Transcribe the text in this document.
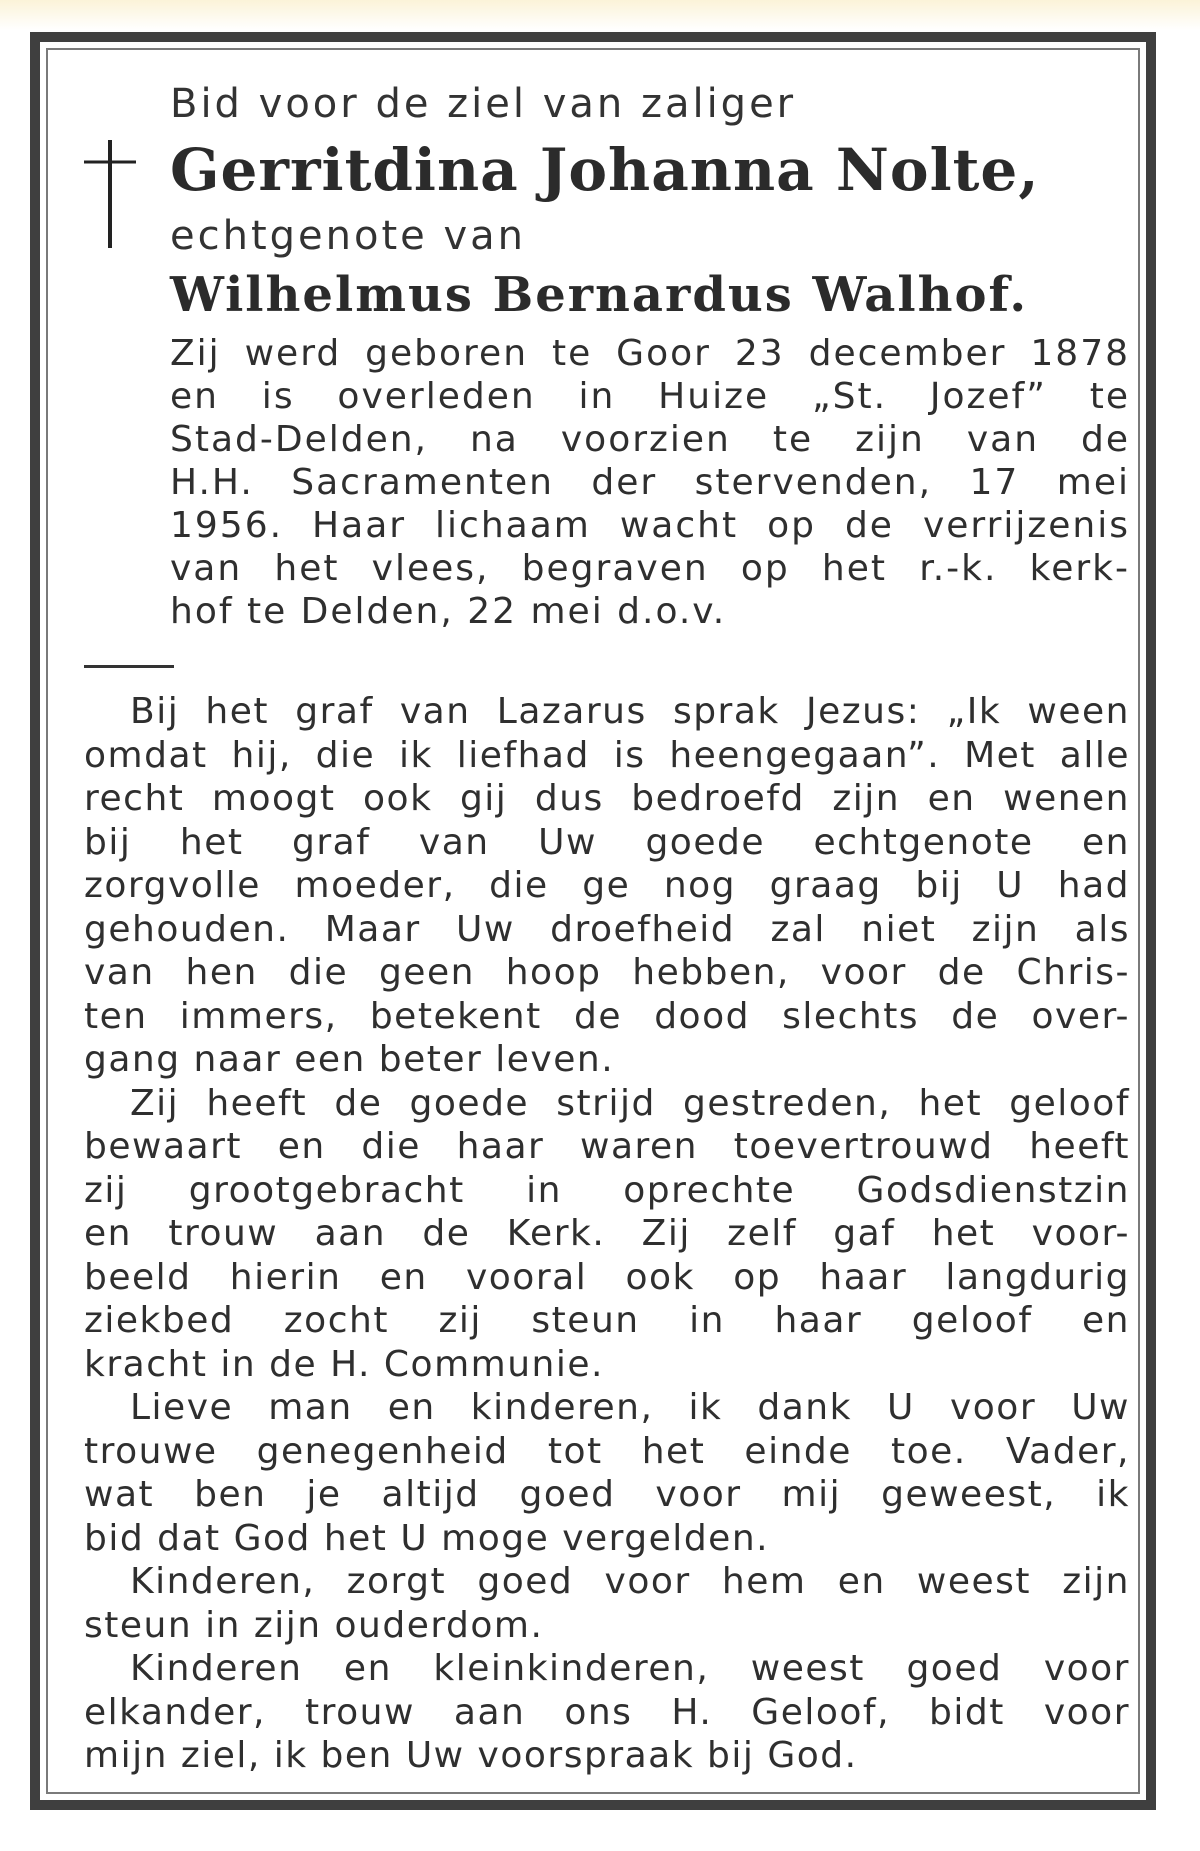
Bid voor de ziel van zaliger
Gerritdina Johanna Nolte,
echtgenote van
Wilhelmus Bernardus Walhof.
Zij werd geboren te Goor 23 december 1878
en is overleden in Huize „St. Jozef” te
Stad-Delden, na voorzien te zijn van de
H.H. Sacramenten der stervenden, 17 mei
1956. Haar lichaam wacht op de verrijzenis
van het vlees, begraven op het r.-k. kerk-
hof te Delden, 22 mei d.o.v.
Bij het graf van Lazarus sprak Jezus: „Ik ween
omdat hij, die ik liefhad is heengegaan”. Met alle
recht moogt ook gij dus bedroefd zijn en wenen
bij het graf van Uw goede echtgenote en
zorgvolle moeder, die ge nog graag bij U had
gehouden. Maar Uw droefheid zal niet zijn als
van hen die geen hoop hebben, voor de Chris-
ten immers, betekent de dood slechts de over-
gang naar een beter leven.
Zij heeft de goede strijd gestreden, het geloof
bewaart en die haar waren toevertrouwd heeft
zij grootgebracht in oprechte Godsdienstzin
en trouw aan de Kerk. Zij zelf gaf het voor-
beeld hierin en vooral ook op haar langdurig
ziekbed zocht zij steun in haar geloof en
kracht in de H. Communie.
Lieve man en kinderen, ik dank U voor Uw
trouwe genegenheid tot het einde toe. Vader,
wat ben je altijd goed voor mij geweest, ik
bid dat God het U moge vergelden.
Kinderen, zorgt goed voor hem en weest zijn
steun in zijn ouderdom.
Kinderen en kleinkinderen, weest goed voor
elkander, trouw aan ons H. Geloof, bidt voor
mijn ziel, ik ben Uw voorspraak bij God.
